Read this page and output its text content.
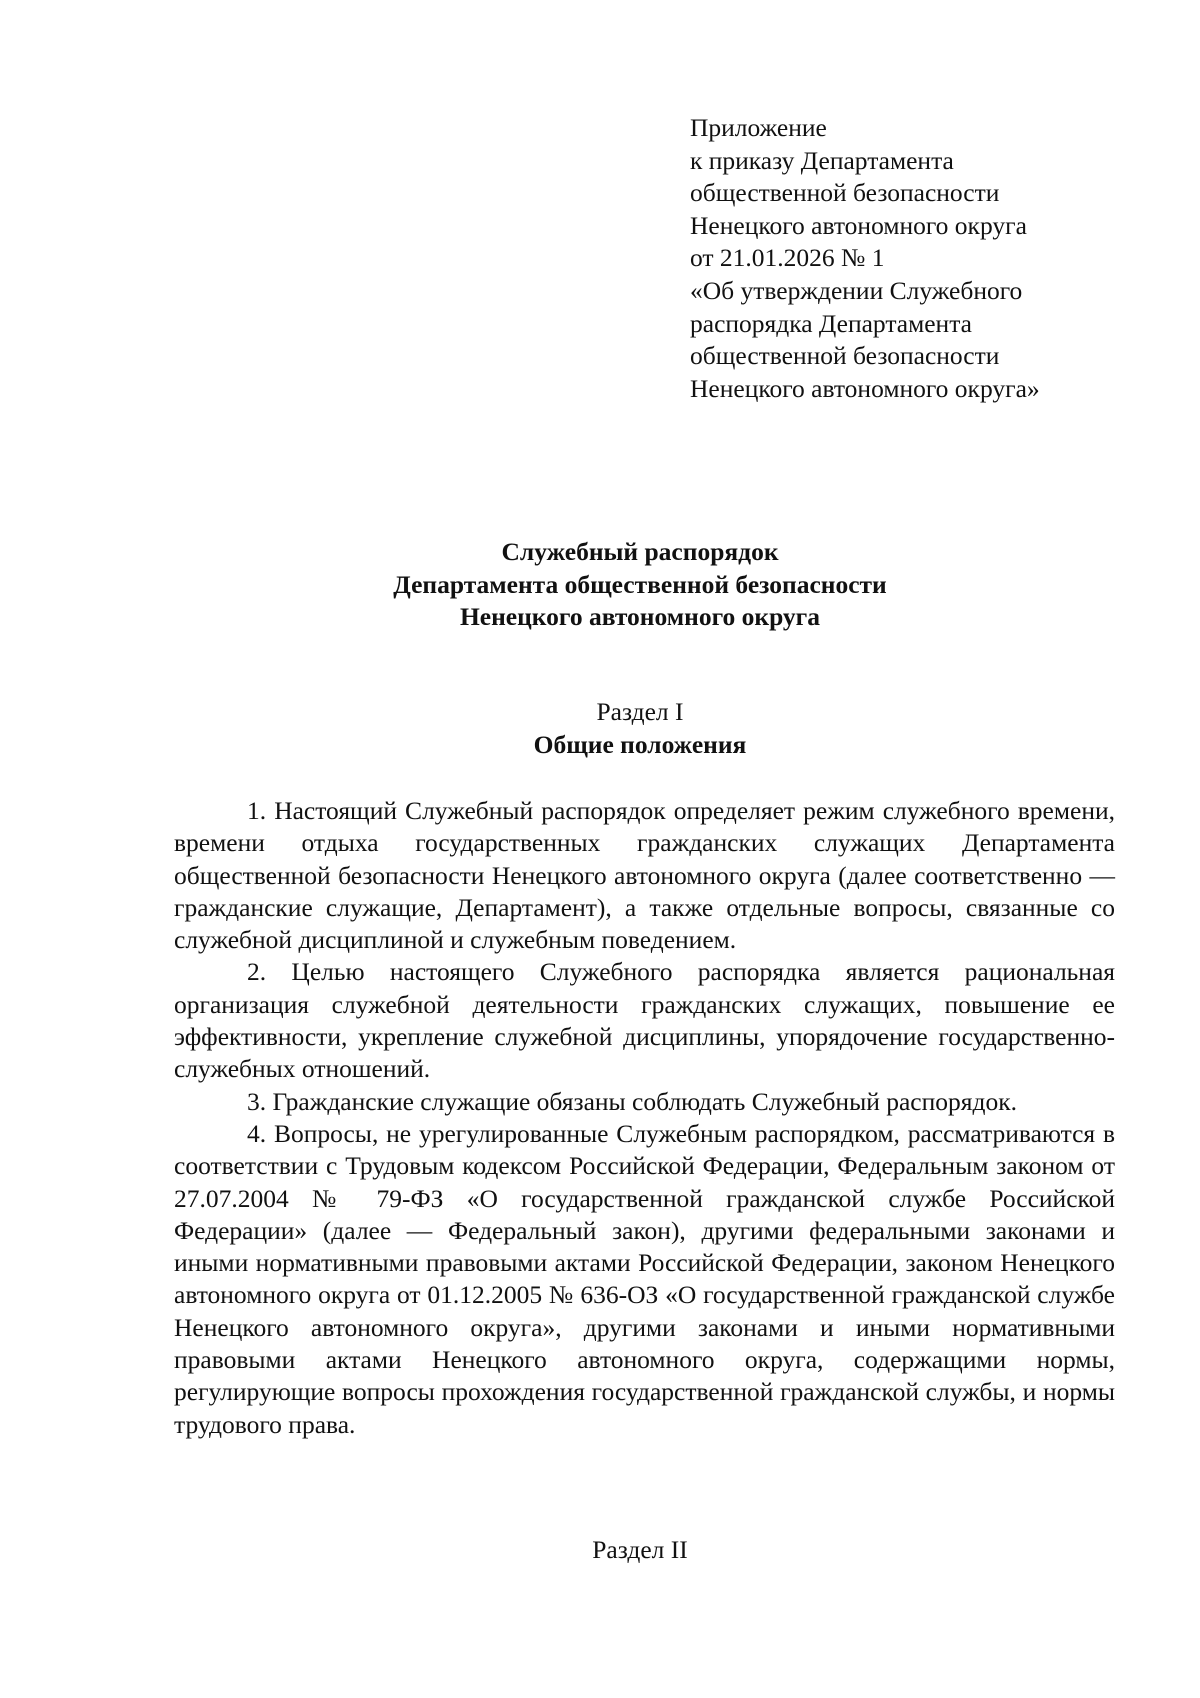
Приложение
к приказу Департамента
общественной безопасности
Ненецкого автономного округа
от 21.01.2026 № 1
«Об утверждении Служебного
распорядка Департамента
общественной безопасности
Ненецкого автономного округа»
Служебный распорядок
Департамента общественной безопасности
Ненецкого автономного округа
Раздел I
Общие положения

1. Настоящий Служебный распорядок определяет режим служебного времени, времени отдыха государственных гражданских служащих Департамента общественной безопасности Ненецкого автономного округа (далее соответственно — гражданские служащие, Департамент), а также отдельные вопросы, связанные со служебной дисциплиной и служебным поведением.

2. Целью настоящего Служебного распорядка является рациональная организация служебной деятельности гражданских служащих, повышение ее эффективности, укрепление служебной дисциплины, упорядочение государственно-служебных отношений.

3. Гражданские служащие обязаны соблюдать Служебный распорядок.

4. Вопросы, не урегулированные Служебным распорядком, рассматриваются в соответствии с Трудовым кодексом Российской Федерации, Федеральным законом от 27.07.2004 № 79-ФЗ «О государственной гражданской службе Российской Федерации» (далее — Федеральный закон), другими федеральными законами и иными нормативными правовыми актами Российской Федерации, законом Ненецкого автономного округа от 01.12.2005 № 636-ОЗ «О государственной гражданской службе Ненецкого автономного округа», другими законами и иными нормативными правовыми актами Ненецкого автономного округа, содержащими нормы, регулирующие вопросы прохождения государственной гражданской службы, и нормы трудового права.

Раздел II
